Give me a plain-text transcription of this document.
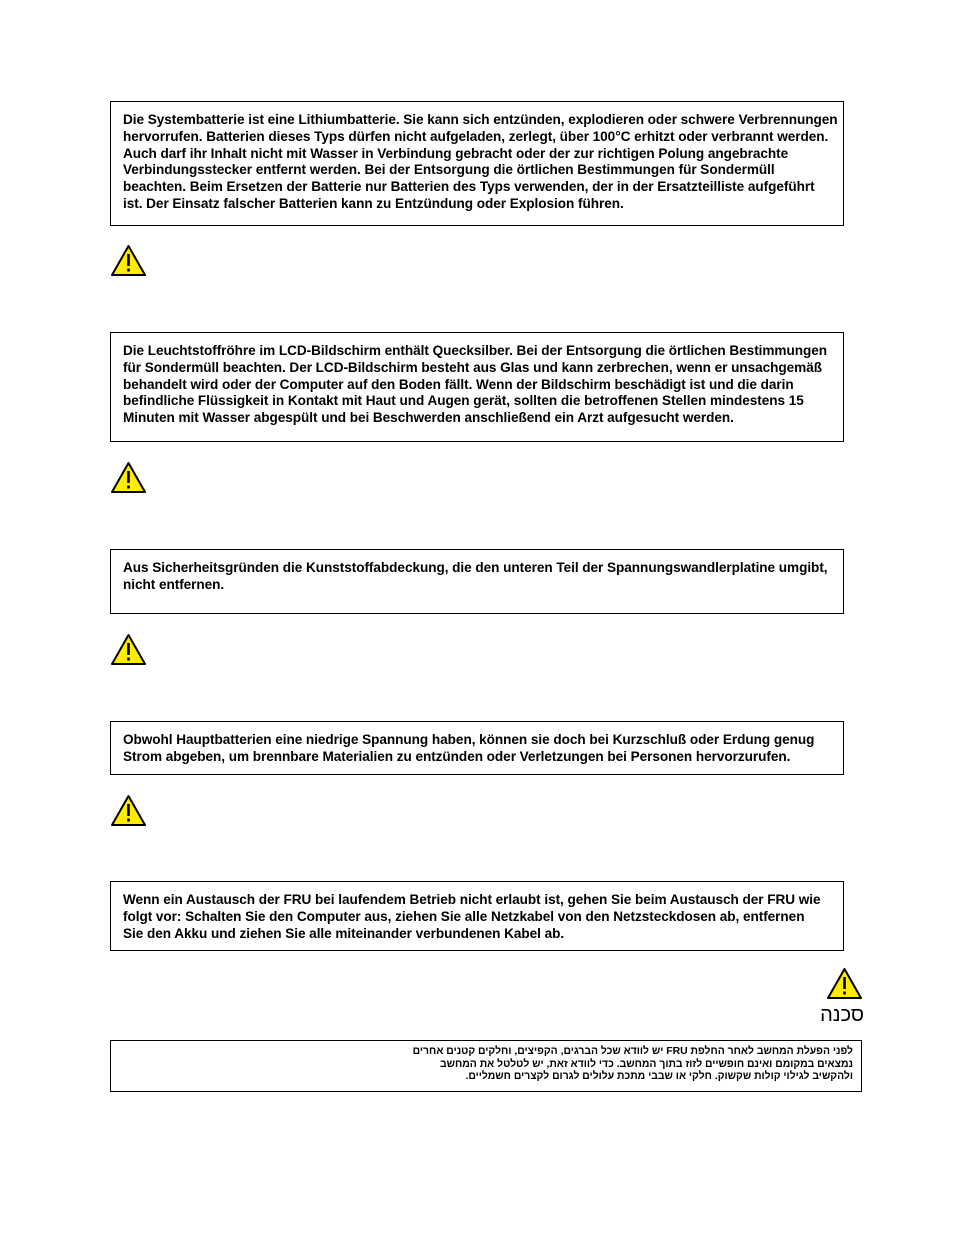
Die Systembatterie ist eine Lithiumbatterie. Sie kann sich entzünden, explodieren oder schwere Verbrennungen

hervorrufen. Batterien dieses Typs dürfen nicht aufgeladen, zerlegt, über 100°C erhitzt oder verbrannt werden.

Auch darf ihr Inhalt nicht mit Wasser in Verbindung gebracht oder der zur richtigen Polung angebrachte

Verbindungsstecker entfernt werden. Bei der Entsorgung die örtlichen Bestimmungen für Sondermüll

beachten. Beim Ersetzen der Batterie nur Batterien des Typs verwenden, der in der Ersatzteilliste aufgeführt

ist. Der Einsatz falscher Batterien kann zu Entzündung oder Explosion führen.

Die Leuchtstoffröhre im LCD-Bildschirm enthält Quecksilber. Bei der Entsorgung die örtlichen Bestimmungen

für Sondermüll beachten. Der LCD-Bildschirm besteht aus Glas und kann zerbrechen, wenn er unsachgemäß

behandelt wird oder der Computer auf den Boden fällt. Wenn der Bildschirm beschädigt ist und die darin

befindliche Flüssigkeit in Kontakt mit Haut und Augen gerät, sollten die betroffenen Stellen mindestens 15

Minuten mit Wasser abgespült und bei Beschwerden anschließend ein Arzt aufgesucht werden.

Aus Sicherheitsgründen die Kunststoffabdeckung, die den unteren Teil der Spannungswandlerplatine umgibt,

nicht entfernen.

Obwohl Hauptbatterien eine niedrige Spannung haben, können sie doch bei Kurzschluß oder Erdung genug

Strom abgeben, um brennbare Materialien zu entzünden oder Verletzungen bei Personen hervorzurufen.

Wenn ein Austausch der FRU bei laufendem Betrieb nicht erlaubt ist, gehen Sie beim Austausch der FRU wie

folgt vor: Schalten Sie den Computer aus, ziehen Sie alle Netzkabel von den Netzsteckdosen ab, entfernen

Sie den Akku und ziehen Sie alle miteinander verbundenen Kabel ab.

סכנה

לפני הפעלת המחשב לאחר החלפת FRU יש לוודא שכל הברגים, הקפיצים, וחלקים קטנים אחרים

נמצאים במקומם ואינם חופשיים לזוז בתוך המחשב. כדי לוודא זאת, יש לטלטל את המחשב

ולהקשיב לגילוי קולות שקשוק. חלקי או שבבי מתכת עלולים לגרום לקצרים חשמליים.
